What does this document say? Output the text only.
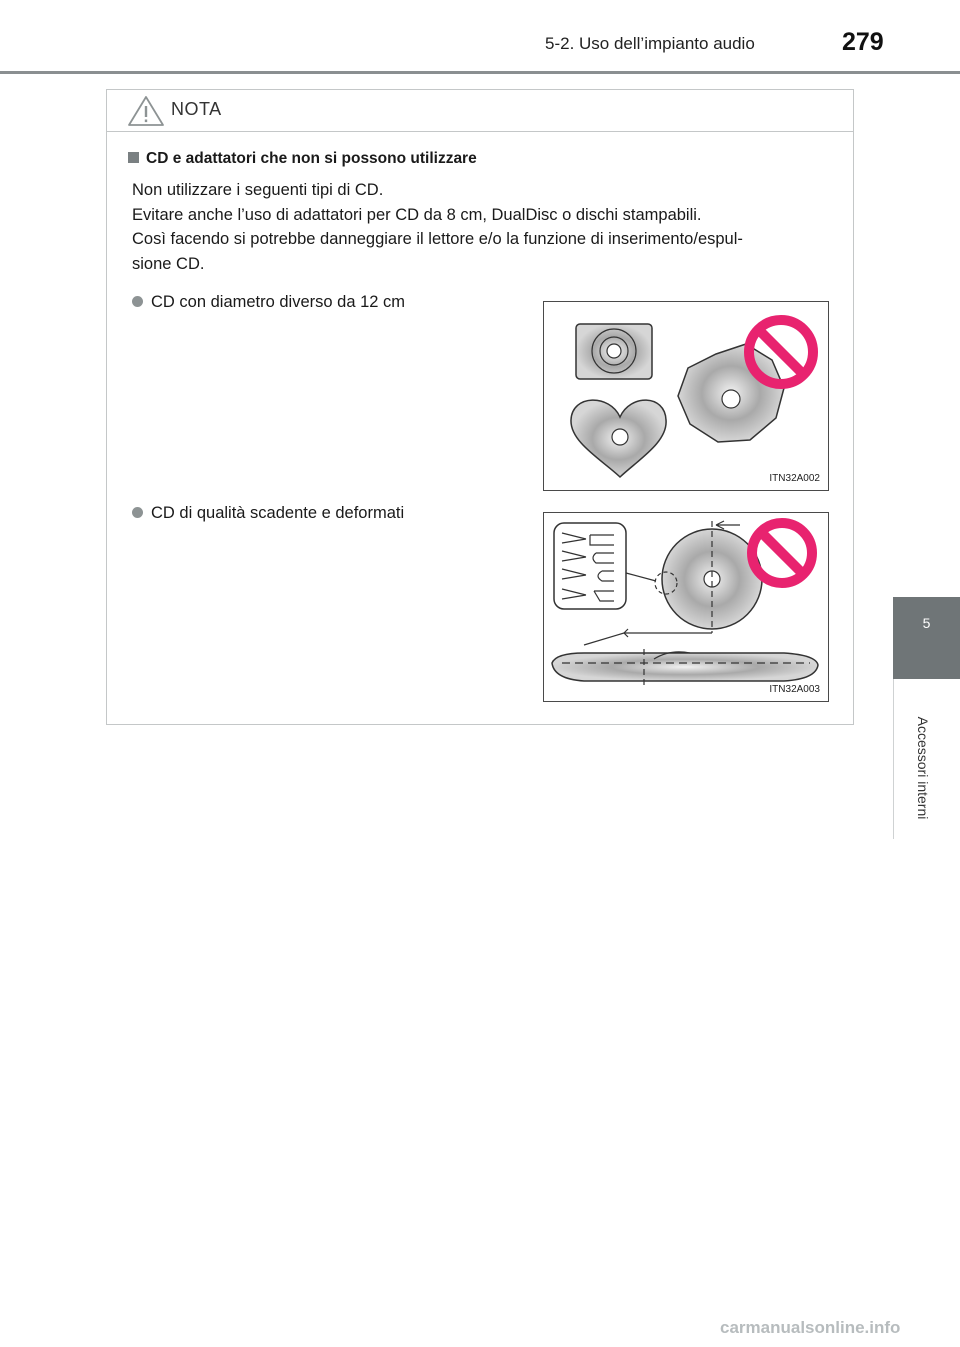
5-2. Uso dell’impianto audio	279
5
Accessori interni
NOTA
CD e adattatori che non si possono utilizzare
Non utilizzare i seguenti tipi di CD.
Evitare anche l’uso di adattatori per CD da 8 cm, DualDisc o dischi stampabili.
Così facendo si potrebbe danneggiare il lettore e/o la funzione di inserimento/espul-
sione CD.
CD con diametro diverso da 12 cm
ITN32A002
CD di qualità scadente e deformati
ITN32A003
carmanualsonline.info
